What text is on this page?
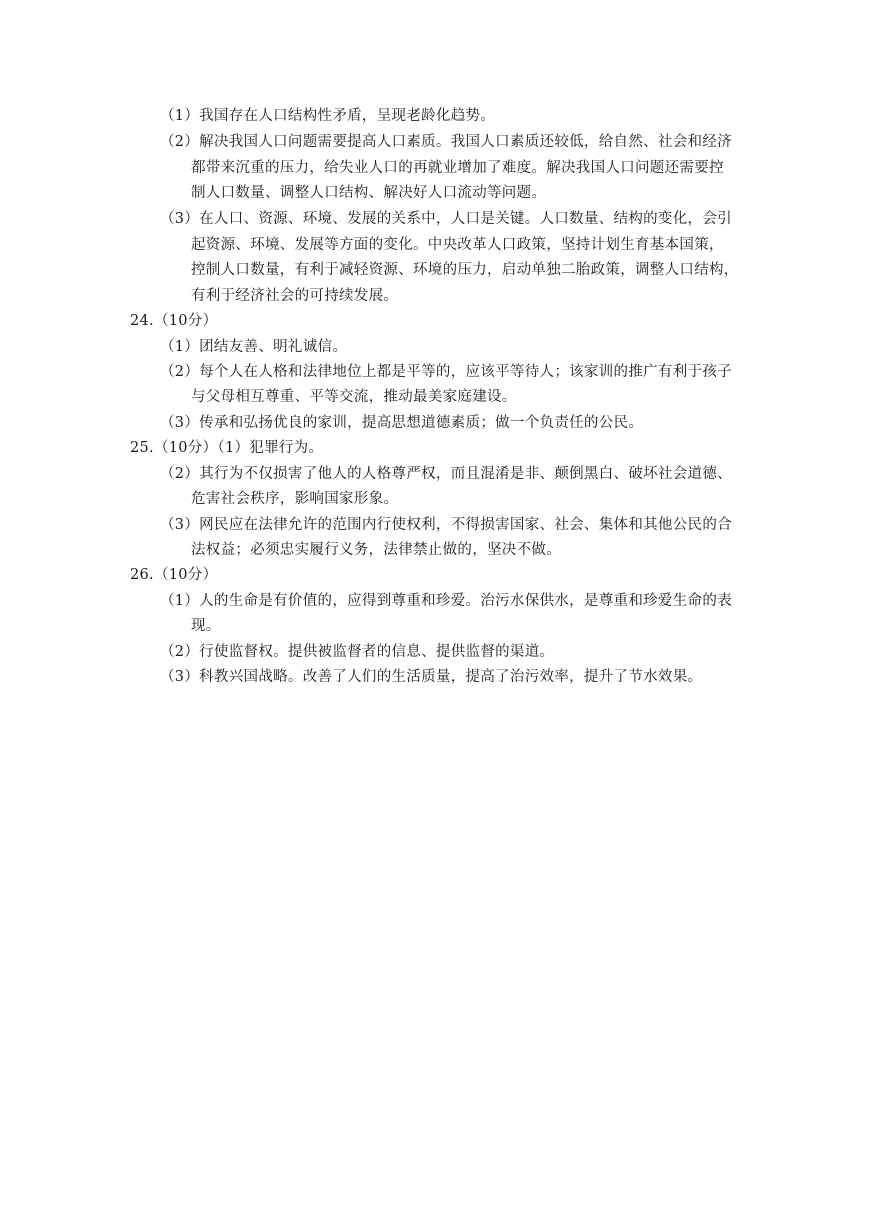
（1）我国存在人口结构性矛盾，呈现老龄化趋势。
（2）解决我国人口问题需要提高人口素质。我国人口素质还较低，给自然、社会和经济
都带来沉重的压力，给失业人口的再就业增加了难度。解决我国人口问题还需要控
制人口数量、调整人口结构、解决好人口流动等问题。
（3）在人口、资源、环境、发展的关系中，人口是关键。人口数量、结构的变化，会引
起资源、环境、发展等方面的变化。中央改革人口政策，坚持计划生育基本国策，
控制人口数量，有利于减轻资源、环境的压力，启动单独二胎政策，调整人口结构，
有利于经济社会的可持续发展。
24.（10分）
（1）团结友善、明礼诚信。
（2）每个人在人格和法律地位上都是平等的，应该平等待人；该家训的推广有利于孩子
与父母相互尊重、平等交流，推动最美家庭建设。
（3）传承和弘扬优良的家训，提高思想道德素质；做一个负责任的公民。
25.（10分）（1）犯罪行为。
（2）其行为不仅损害了他人的人格尊严权，而且混淆是非、颠倒黑白、破坏社会道德、
危害社会秩序，影响国家形象。
（3）网民应在法律允许的范围内行使权利，不得损害国家、社会、集体和其他公民的合
法权益；必须忠实履行义务，法律禁止做的，坚决不做。
26.（10分）
（1）人的生命是有价值的，应得到尊重和珍爱。治污水保供水，是尊重和珍爱生命的表
现。
（2）行使监督权。提供被监督者的信息、提供监督的渠道。
（3）科教兴国战略。改善了人们的生活质量，提高了治污效率，提升了节水效果。
